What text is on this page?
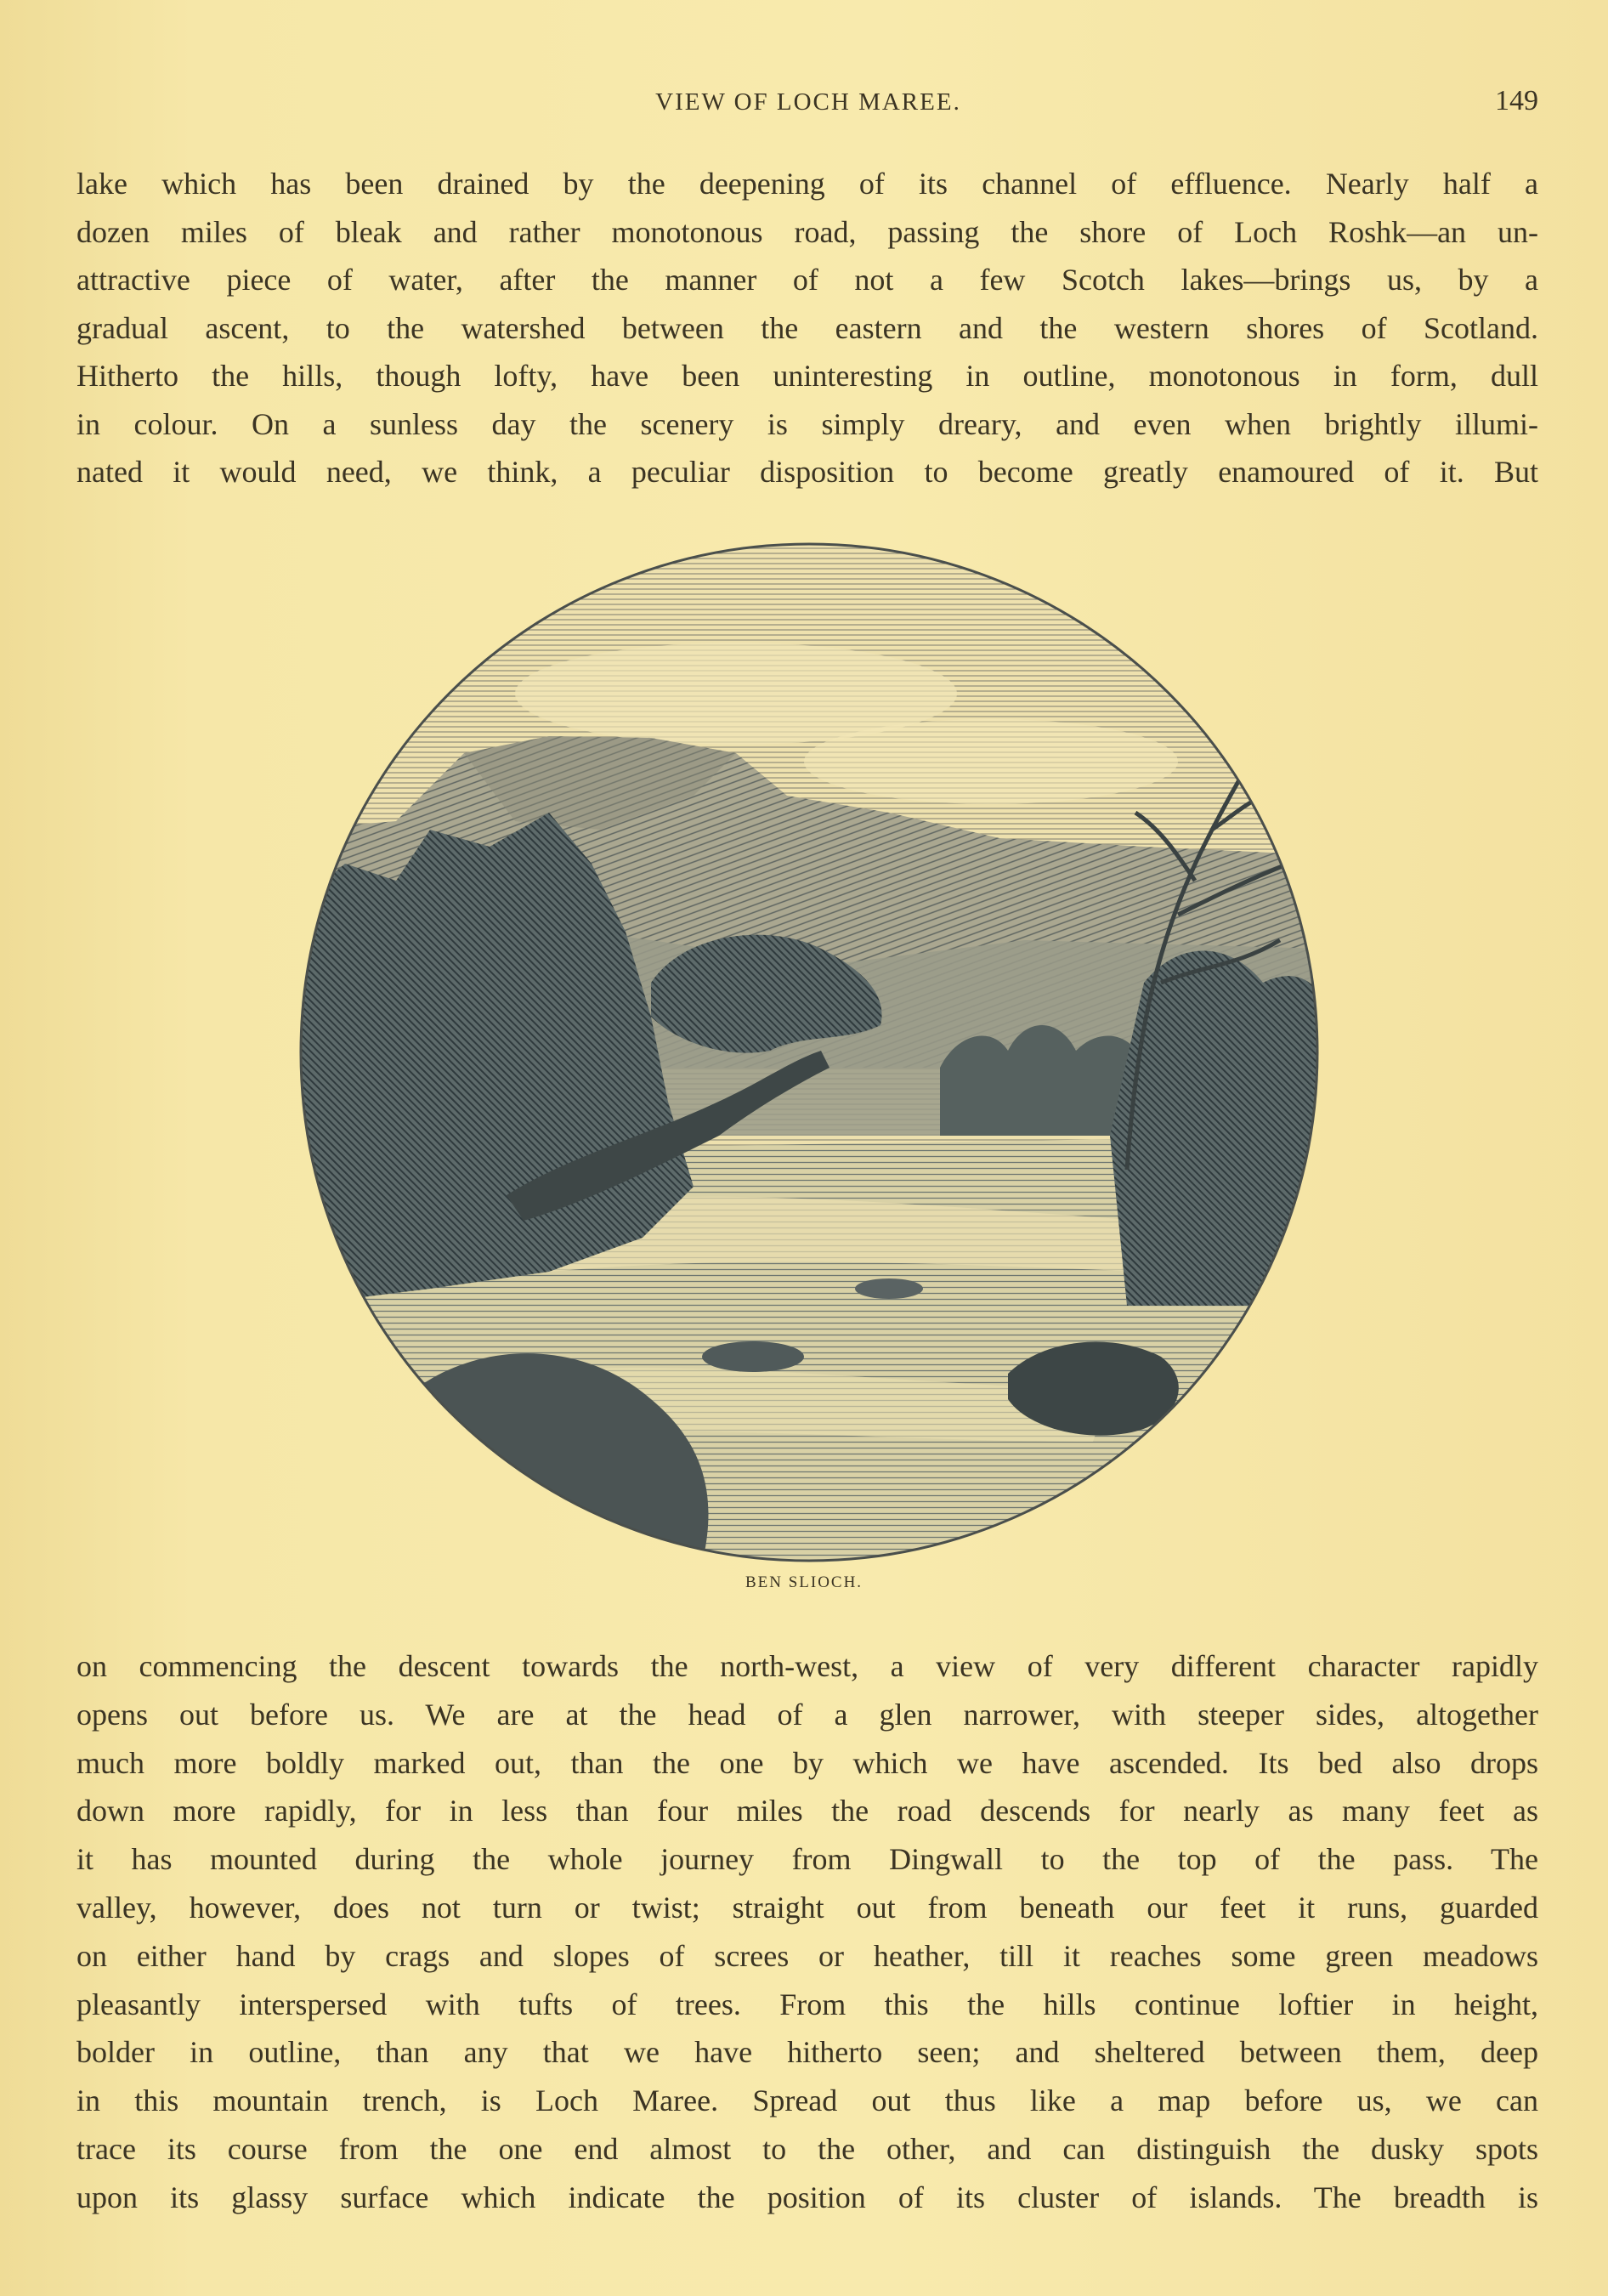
VIEW OF LOCH MAREE.	149
lake which has been drained by the deepening of its channel of effluence. Nearly half a
dozen miles of bleak and rather monotonous road, passing the shore of Loch Roshk—an un-
attractive piece of water, after the manner of not a few Scotch lakes—brings us, by a
gradual ascent, to the watershed between the eastern and the western shores of Scotland.
Hitherto the hills, though lofty, have been uninteresting in outline, monotonous in form, dull
in colour. On a sunless day the scenery is simply dreary, and even when brightly illumi-
nated it would need, we think, a peculiar disposition to become greatly enamoured of it. But
BEN SLIOCH.
on commencing the descent towards the north-west, a view of very different character rapidly
opens out before us. We are at the head of a glen narrower, with steeper sides, altogether
much more boldly marked out, than the one by which we have ascended. Its bed also drops
down more rapidly, for in less than four miles the road descends for nearly as many feet as
it has mounted during the whole journey from Dingwall to the top of the pass. The
valley, however, does not turn or twist; straight out from beneath our feet it runs, guarded
on either hand by crags and slopes of screes or heather, till it reaches some green meadows
pleasantly interspersed with tufts of trees. From this the hills continue loftier in height,
bolder in outline, than any that we have hitherto seen; and sheltered between them, deep
in this mountain trench, is Loch Maree. Spread out thus like a map before us, we can
trace its course from the one end almost to the other, and can distinguish the dusky spots
upon its glassy surface which indicate the position of its cluster of islands. The breadth is
